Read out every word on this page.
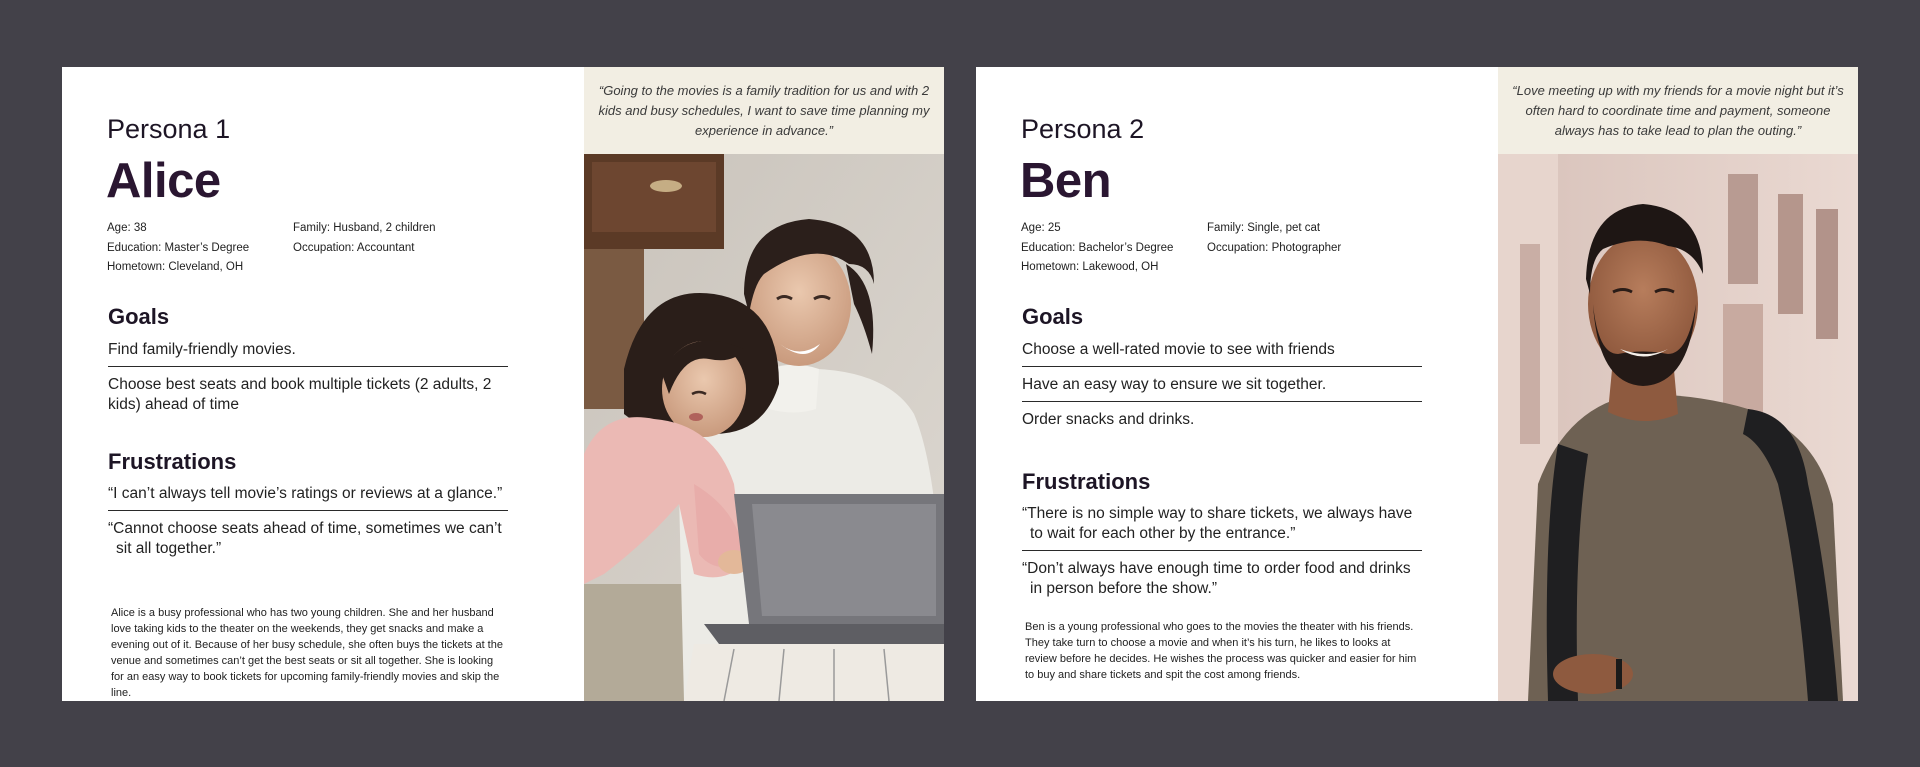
Persona 1
Alice
Age: 38
Education: Master’s Degree
Hometown: Cleveland, OH
Family: Husband, 2 children
Occupation: Accountant
Goals
Find family-friendly movies.
Choose best seats and book multiple tickets (2 adults, 2 kids) ahead of time
Frustrations
“I can’t always tell movie’s ratings or reviews at a glance.”
“Cannot choose seats ahead of time, sometimes we can’t sit all together.”
Alice is a busy professional who has two young children. She and her husband love taking kids to the theater on the weekends, they get snacks and make a evening out of it. Because of her busy schedule, she often buys the tickets at the venue and sometimes can’t get the best seats or sit all together. She is looking for an easy way to book tickets for upcoming family-friendly movies and skip the line.
“Going to the movies is a family tradition for us and with 2 kids and busy schedules, I want to save time planning my experience in advance.”	Persona 2
Ben
Age: 25
Education: Bachelor’s Degree
Hometown: Lakewood, OH
Family: Single, pet cat
Occupation: Photographer
Goals
Choose a well-rated movie to see with friends
Have an easy way to ensure we sit together.
Order snacks and drinks.
Frustrations
“There is no simple way to share tickets, we always have to wait for each other by the entrance.”
“Don’t always have enough time to order food and drinks in person before the show.”
Ben is a young professional who goes to the movies the theater with his friends. They take turn to choose a movie and when it’s his turn, he likes to looks at review before he decides. He wishes the process was quicker and easier for him to buy and share tickets and spit the cost among friends.
“Love meeting up with my friends for a movie night but it’s often hard to coordinate time and payment, someone always has to take lead to plan the outing.”
